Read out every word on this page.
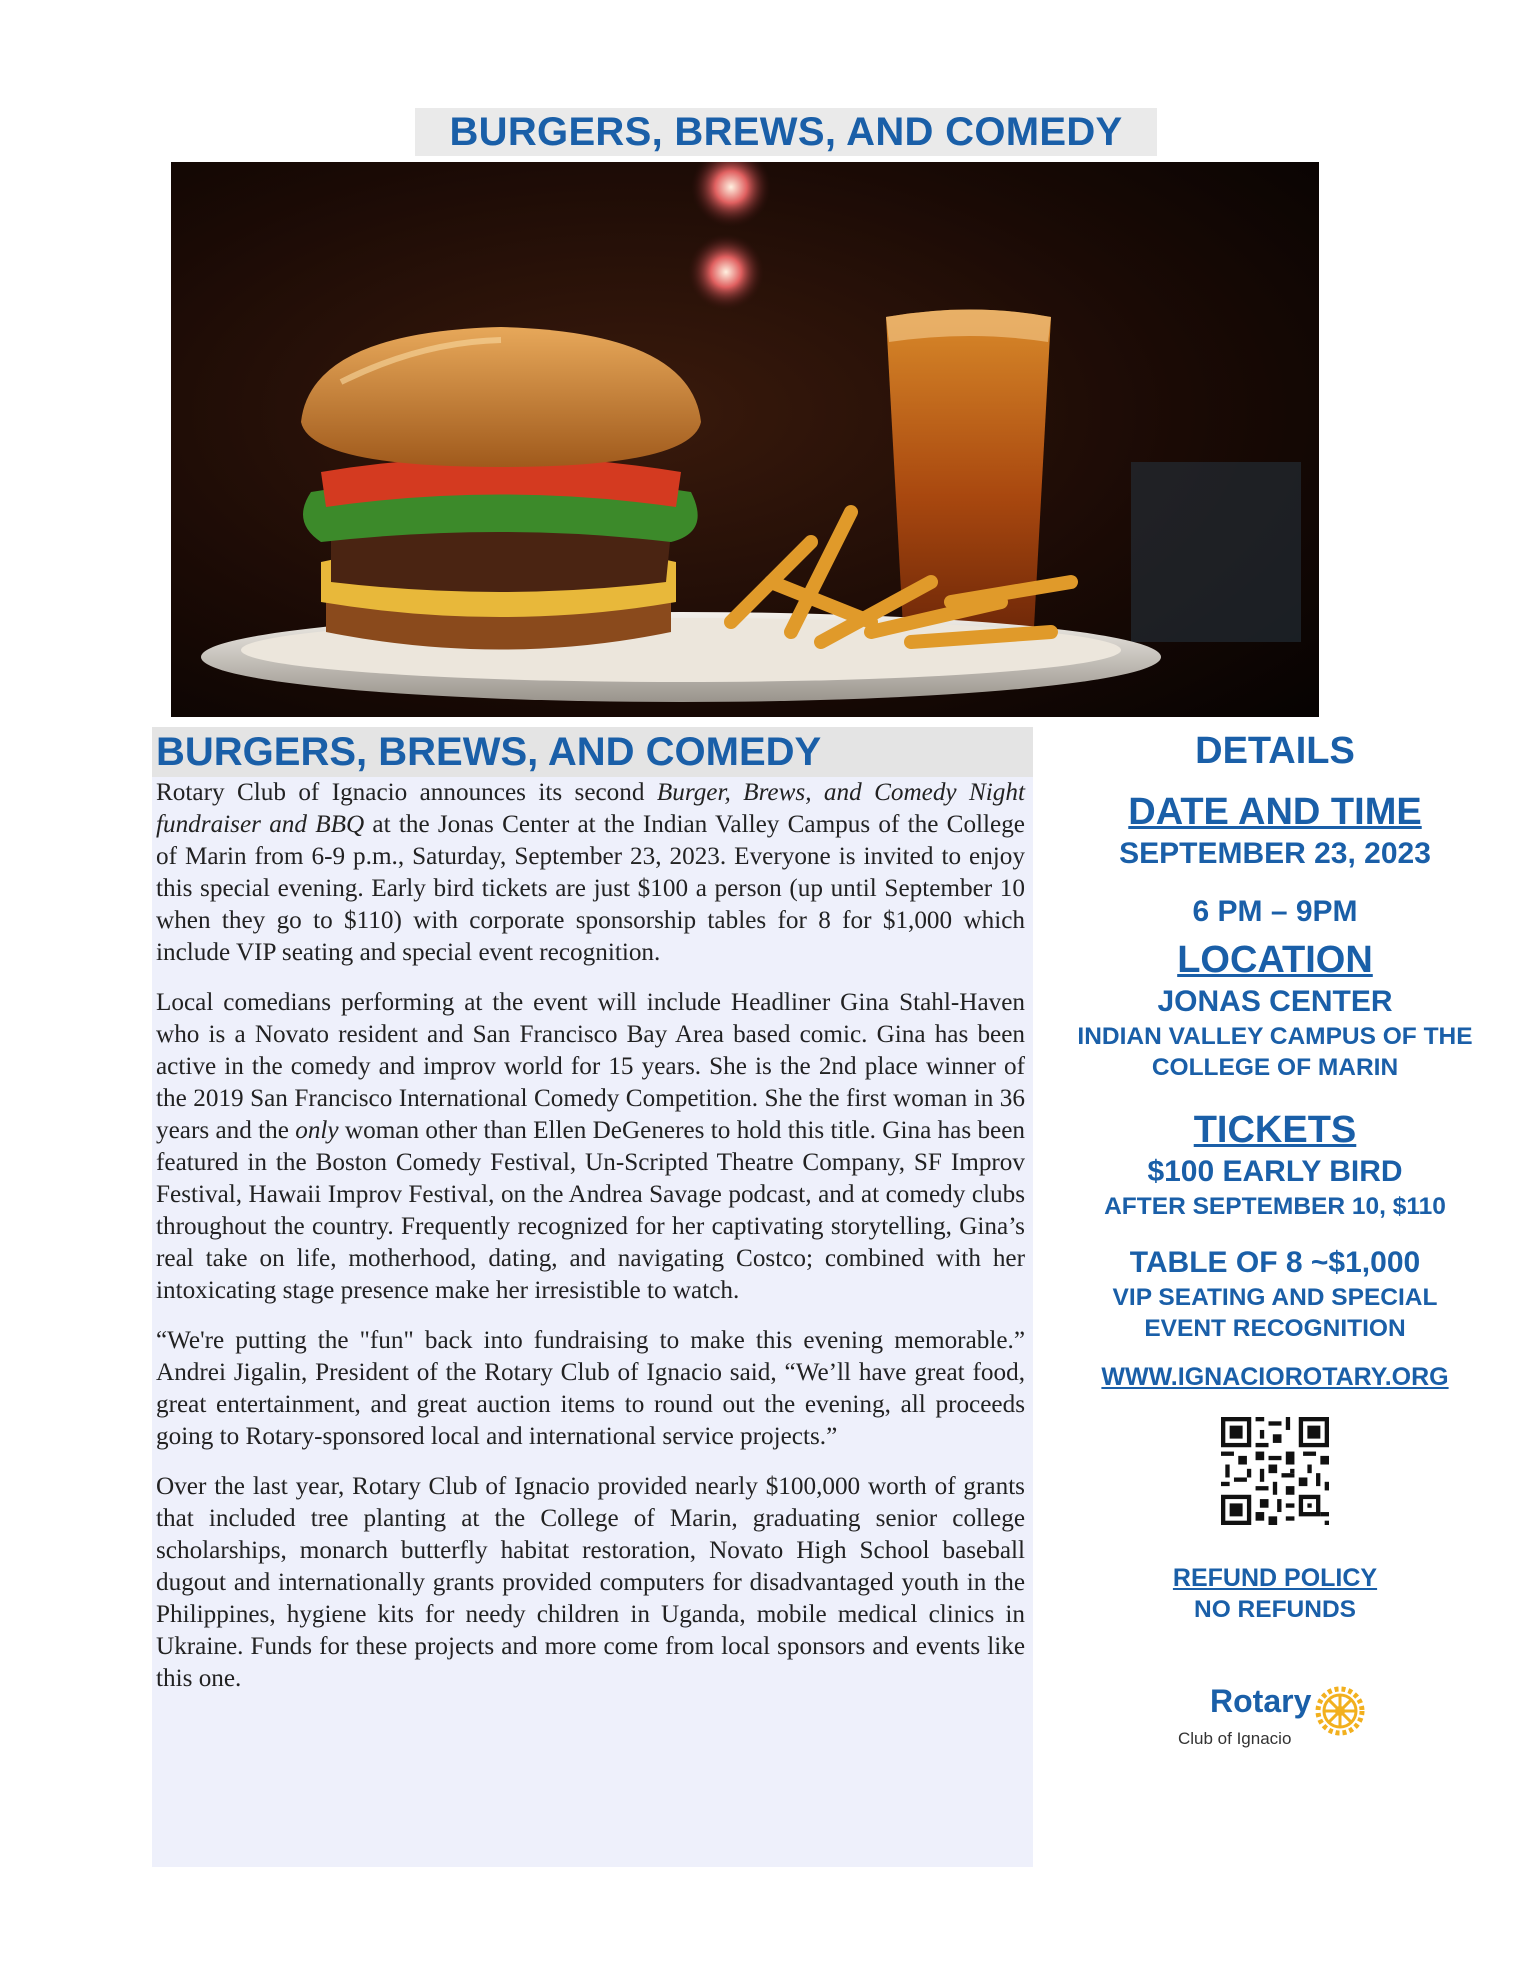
BURGERS, BREWS, AND COMEDY
BURGERS, BREWS, AND COMEDY

Rotary Club of Ignacio announces its second Burger, Brews, and Comedy Night fundraiser and BBQ at the Jonas Center at the Indian Valley Campus of the College of Marin from 6-9 p.m., Saturday, September 23, 2023. Everyone is invited to enjoy this special evening. Early bird tickets are just $100 a person (up until September 10 when they go to $110) with corporate sponsorship tables for 8 for $1,000 which include VIP seating and special event recognition.

Local comedians performing at the event will include Headliner Gina Stahl-Haven who is a Novato resident and San Francisco Bay Area based comic. Gina has been active in the comedy and improv world for 15 years. She is the 2nd place winner of the 2019 San Francisco International Comedy Competition. She the first woman in 36 years and the only woman other than Ellen DeGeneres to hold this title. Gina has been featured in the Boston Comedy Festival, Un-Scripted Theatre Company, SF Improv Festival, Hawaii Improv Festival, on the Andrea Savage podcast, and at comedy clubs throughout the country. Frequently recognized for her captivating storytelling, Gina’s real take on life, motherhood, dating, and navigating Costco; combined with her intoxicating stage presence make her irresistible to watch.

“We're putting the "fun" back into fundraising to make this evening memorable.” Andrei Jigalin, President of the Rotary Club of Ignacio said, “We’ll have great food, great entertainment, and great auction items to round out the evening, all proceeds going to Rotary-sponsored local and international service projects.”

Over the last year, Rotary Club of Ignacio provided nearly $100,000 worth of grants that included tree planting at the College of Marin, graduating senior college scholarships, monarch butterfly habitat restoration, Novato High School baseball dugout and internationally grants provided computers for disadvantaged youth in the Philippines, hygiene kits for needy children in Uganda, mobile medical clinics in Ukraine. Funds for these projects and more come from local sponsors and events like this one.

DETAILS
DATE AND TIME
SEPTEMBER 23, 2023
6 PM – 9PM
LOCATION
JONAS CENTER
INDIAN VALLEY CAMPUS OF THE
COLLEGE OF MARIN
TICKETS
$100 EARLY BIRD
AFTER SEPTEMBER 10, $110
TABLE OF 8 ~$1,000
VIP SEATING AND SPECIAL
EVENT RECOGNITION
WWW.IGNACIOROTARY.ORG
REFUND POLICY
NO REFUNDS
Rotary
Club of Ignacio
